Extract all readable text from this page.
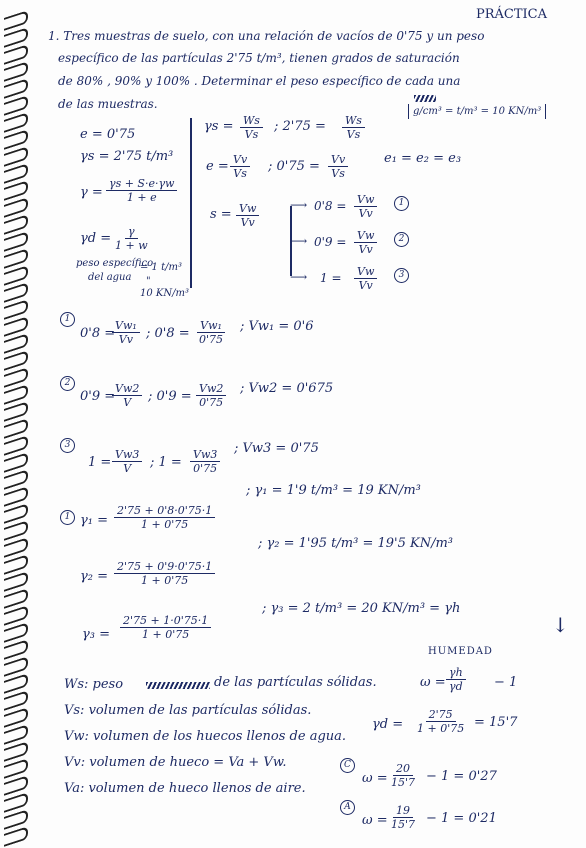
PRÁCTICA
1. Tres muestras de suelo, con una relación de vacíos de 0'75 y un peso
específico de las partículas 2'75 t/m³, tienen grados de saturación
de 80% , 90% y 100% . Determinar el peso específico de cada una
de las muestras.
e = 0'75
γs = 2'75 t/m³
$\gamma = \frac{\gamma s + S\cdot e\cdot\gamma w}{1 + e}$
$\gamma d = \frac{\gamma}{1 + w}$
peso específico
del agua
= 1 t/m³
"
10 KN/m³
$\gamma s = \frac{Ws}{Vs}$ ; $2'75 = \frac{Ws}{Vs}$
g/cm³ = t/m³ = 10 KN/m³
$e = \frac{Vv}{Vs}$ ; $0'75 = \frac{Vv}{Vs}$	e₁ = e₂ = e₃
$s = \frac{Vw}{Vv}$	⟶
⟶
⟶
$0'8 = \frac{Vw}{Vv}$	1
$0'9 = \frac{Vw}{Vv}$	2
$1 = \frac{Vw}{Vv}$	3
1
0'8 =
$\frac{\text{Vw₁}}{Vv}$ ; $0'8 = \frac{\text{Vw₁}}{0'75}$ ; Vw₁ = 0'6
2
0'9 =
$\frac{Vw2}{V}$ ; $0'9 = \frac{Vw2}{0'75}$ ; Vw2 = 0'675
3
$1 = \frac{Vw3}{V}$ ; $1 = \frac{Vw3}{0'75}$ ; Vw3 = 0'75
1 $\gamma_1 = \frac{2'75 + 0'8\cdot 0'75\cdot 1}{1 + 0'75}$
; γ₁ = 1'9 t/m³ = 19 KN/m³
$\gamma_2 = \frac{2'75 + 0'9\cdot 0'75\cdot 1}{1 + 0'75}$
; γ₂ = 1'95 t/m³ = 19'5 KN/m³
$\gamma_3 = \frac{2'75 + 1\cdot 0'75\cdot 1}{1 + 0'75}$
; γ₃ = 2 t/m³ = 20 KN/m³ = γh
↓
HUMEDAD
$\omega = \frac{\gamma h}{\gamma d} - 1$
$\gamma d = \frac{2'75}{1 + 0'75} = 15'7$
C
$\omega = \frac{20}{15'7} - 1 = 0'27$
A
$\omega = \frac{19}{15'7} - 1 = 0'21$
Ws: peso	de las partículas sólidas.
Vs: volumen de las partículas sólidas.
Vw: volumen de los huecos llenos de agua.
Vv: volumen de hueco = Va + Vw.
Va: volumen de hueco llenos de aire.
